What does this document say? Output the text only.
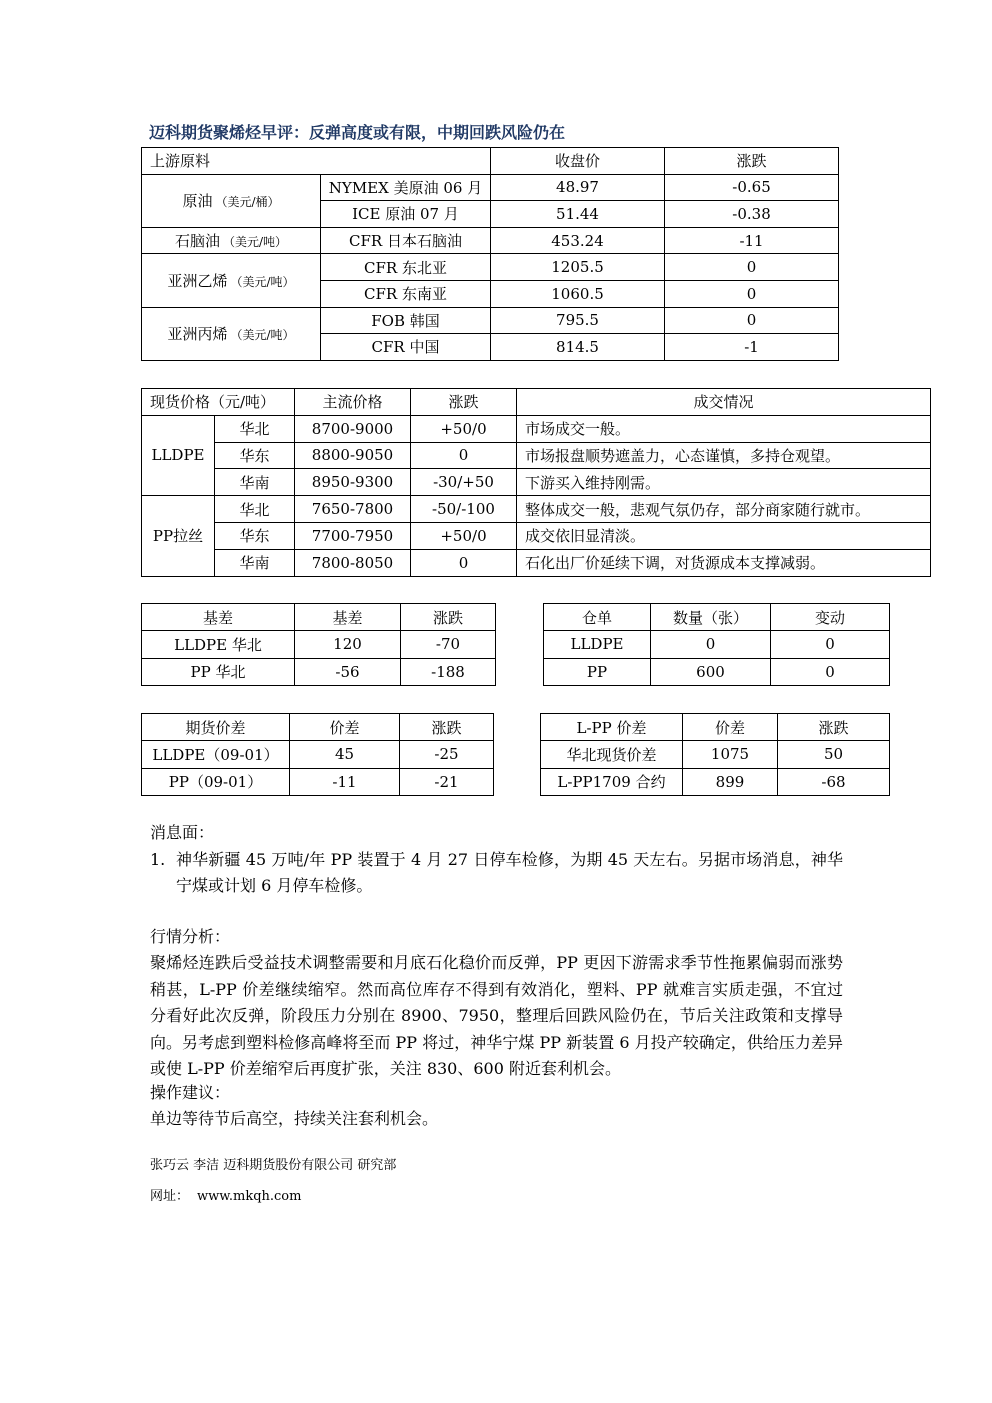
迈科期货聚烯烃早评：反弹高度或有限，中期回跌风险仍在
上游原料		收盘价	涨跌
原油 （美元/桶）	NYMEX 美原油 06 月	48.97	-0.65
	ICE 原油 07 月	51.44	-0.38
石脑油 （美元/吨）	CFR 日本石脑油	453.24	-11
亚洲乙烯 （美元/吨）	CFR 东北亚	1205.5	0
	CFR 东南亚	1060.5	0
亚洲丙烯 （美元/吨）	FOB 韩国	795.5	0
	CFR 中国	814.5	-1
现货价格（元/吨）		主流价格	涨跌	成交情况
LLDPE	华北	8700-9000	+50/0	市场成交一般。
	华东	8800-9050	0	市场报盘顺势遮盖力，心态谨慎，多持仓观望。
	华南	8950-9300	-30/+50	下游买入维持刚需。
PP拉丝	华北	7650-7800	-50/-100	整体成交一般，悲观气氛仍存，部分商家随行就市。
	华东	7700-7950	+50/0	成交依旧显清淡。
	华南	7800-8050	0	石化出厂价延续下调，对货源成本支撑减弱。
基差	基差	涨跌
LLDPE 华北	120	-70
PP 华北	-56	-188
仓单	数量（张）	变动
LLDPE	0	0
PP	600	0
期货价差	价差	涨跌
LLDPE（09-01）	45	-25
PP（09-01）	-11	-21
L-PP 价差	价差	涨跌
华北现货价差	1075	50
L-PP1709 合约	899	-68
消息面：
1. 神华新疆 45 万吨/年 PP 装置于 4 月 27 日停车检修，为期 45 天左右。另据市场消息，神华宁煤或计划 6 月停车检修。
行情分析：
聚烯烃连跌后受益技术调整需要和月底石化稳价而反弹，PP 更因下游需求季节性拖累偏弱而涨势稍甚，L-PP 价差继续缩窄。然而高位库存不得到有效消化，塑料、PP 就难言实质走强，不宜过分看好此次反弹，阶段压力分别在 8900、7950，整理后回跌风险仍在，节后关注政策和支撑导向。另考虑到塑料检修高峰将至而 PP 将过，神华宁煤 PP 新装置 6 月投产较确定，供给压力差异或使 L-PP 价差缩窄后再度扩张，关注 830、600 附近套利机会。
操作建议：
单边等待节后高空，持续关注套利机会。
张巧云 李洁 迈科期货股份有限公司 研究部
网址： www.mkqh.com
